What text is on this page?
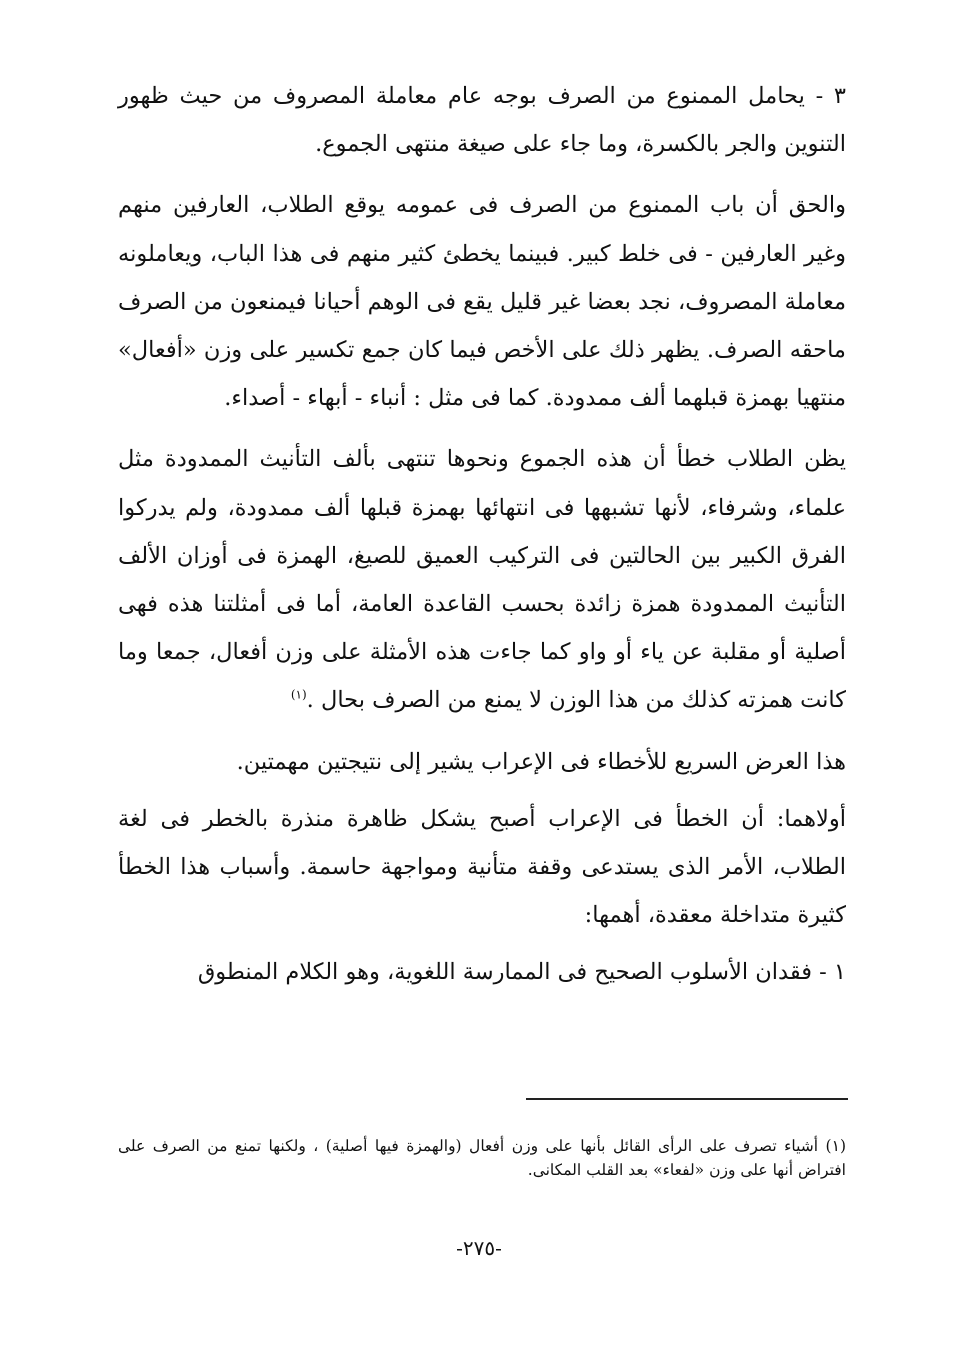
٣ - يحامل الممنوع من الصرف بوجه عام معاملة المصروف من حيث ظهور التنوين والجر بالكسرة، وما جاء على صيغة منتهى الجموع.

والحق أن باب الممنوع من الصرف فى عمومه يوقع الطلاب، العارفين منهم وغير العارفين - فى خلط كبير. فبينما يخطئ كثير منهم فى هذا الباب، ويعاملونه معاملة المصروف، نجد بعضا غير قليل يقع فى الوهم أحيانا فيمنعون من الصرف ماحقه الصرف. يظهر ذلك على الأخص فيما كان جمع تكسير على وزن «أفعال» منتهيا بهمزة قبلهما ألف ممدودة. كما فى مثل : أنباء - أبهاء - أصداء.

يظن الطلاب خطأ أن هذه الجموع ونحوها تنتهى بألف التأنيث الممدودة مثل علماء، وشرفاء، لأنها تشبهها فى انتهائها بهمزة قبلها ألف ممدودة، ولم يدركوا الفرق الكبير بين الحالتين فى التركيب العميق للصيغ، الهمزة فى أوزان الألف التأنيث الممدودة همزة زائدة بحسب القاعدة العامة، أما فى أمثلتنا هذه فهى أصلية أو مقلبة عن ياء أو واو كما جاءت هذه الأمثلة على وزن أفعال، جمعا وما كانت همزته كذلك من هذا الوزن لا يمنع من الصرف بحال .$^{(١)}$

هذا العرض السريع للأخطاء فى الإعراب يشير إلى نتيجتين مهمتين.

أولاهما: أن الخطأ فى الإعراب أصبح يشكل ظاهرة منذرة بالخطر فى لغة الطلاب، الأمر الذى يستدعى وقفة متأنية ومواجهة حاسمة. وأسباب هذا الخطأ كثيرة متداخلة معقدة، أهمها:

١ - فقدان الأسلوب الصحيح فى الممارسة اللغوية، وهو الكلام المنطوق

(١) أشياء تصرف على الرأى القائل بأنها على وزن أفعال (والهمزة فيها أصلية) ، ولكنها تمنع من الصرف على افتراض أنها على وزن «لفعاء» بعد القلب المكانى.
-٢٧٥-
